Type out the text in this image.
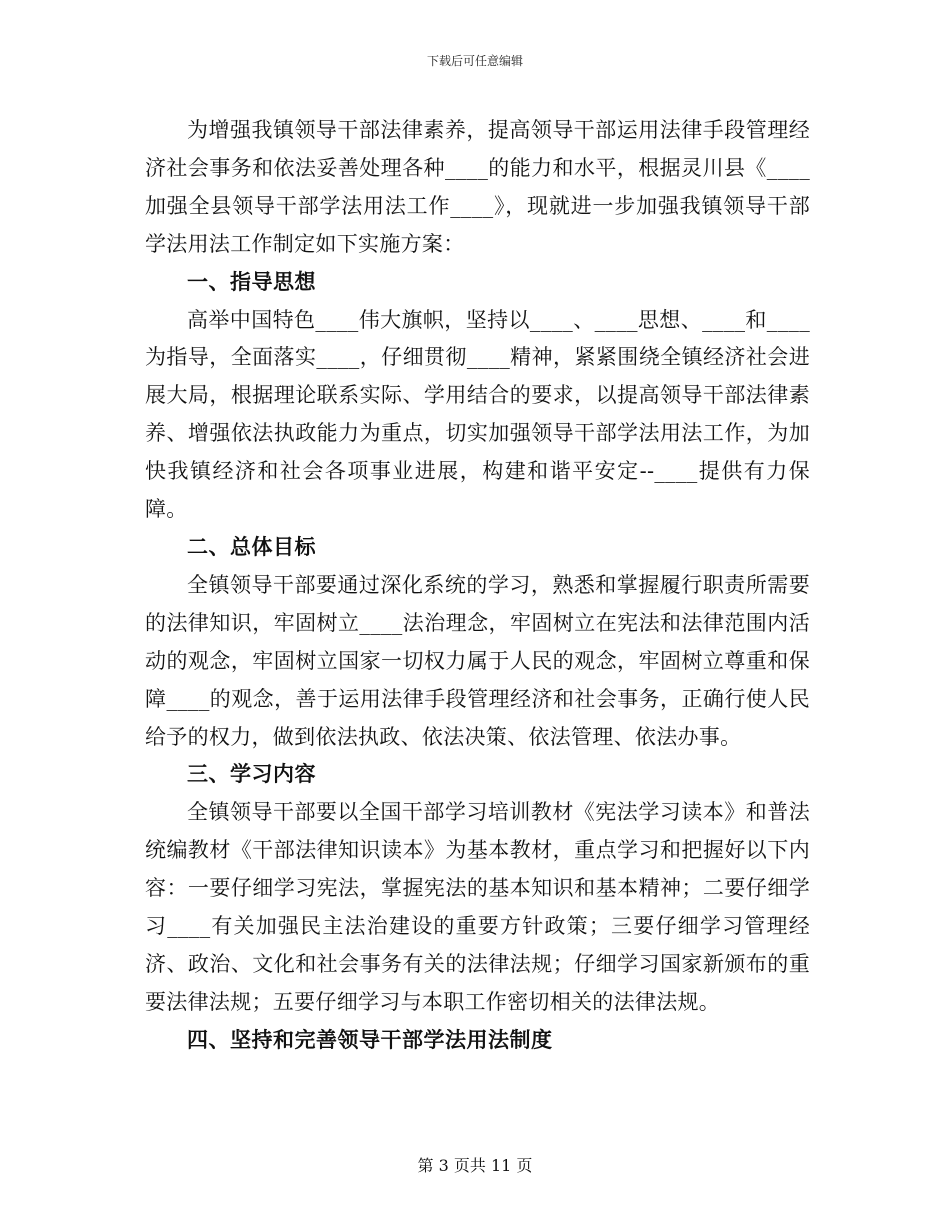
下载后可任意编辑

为增强我镇领导干部法律素养，提高领导干部运用法律手段管理经济社会事务和依法妥善处理各种____的能力和水平，根据灵川县《____加强全县领导干部学法用法工作____》，现就进一步加强我镇领导干部学法用法工作制定如下实施方案：

一、指导思想

高举中国特色____伟大旗帜，坚持以____、____思想、____和____为指导，全面落实____，仔细贯彻____精神，紧紧围绕全镇经济社会进展大局，根据理论联系实际、学用结合的要求，以提高领导干部法律素养、增强依法执政能力为重点，切实加强领导干部学法用法工作，为加快我镇经济和社会各项事业进展，构建和谐平安定--____提供有力保障。

二、总体目标

全镇领导干部要通过深化系统的学习，熟悉和掌握履行职责所需要的法律知识，牢固树立____法治理念，牢固树立在宪法和法律范围内活动的观念，牢固树立国家一切权力属于人民的观念，牢固树立尊重和保障____的观念，善于运用法律手段管理经济和社会事务，正确行使人民给予的权力，做到依法执政、依法决策、依法管理、依法办事。

三、学习内容

全镇领导干部要以全国干部学习培训教材《宪法学习读本》和普法统编教材《干部法律知识读本》为基本教材，重点学习和把握好以下内容：一要仔细学习宪法，掌握宪法的基本知识和基本精神；二要仔细学习____有关加强民主法治建设的重要方针政策；三要仔细学习管理经济、政治、文化和社会事务有关的法律法规；仔细学习国家新颁布的重要法律法规；五要仔细学习与本职工作密切相关的法律法规。

四、坚持和完善领导干部学法用法制度

第 3 页共 11 页
